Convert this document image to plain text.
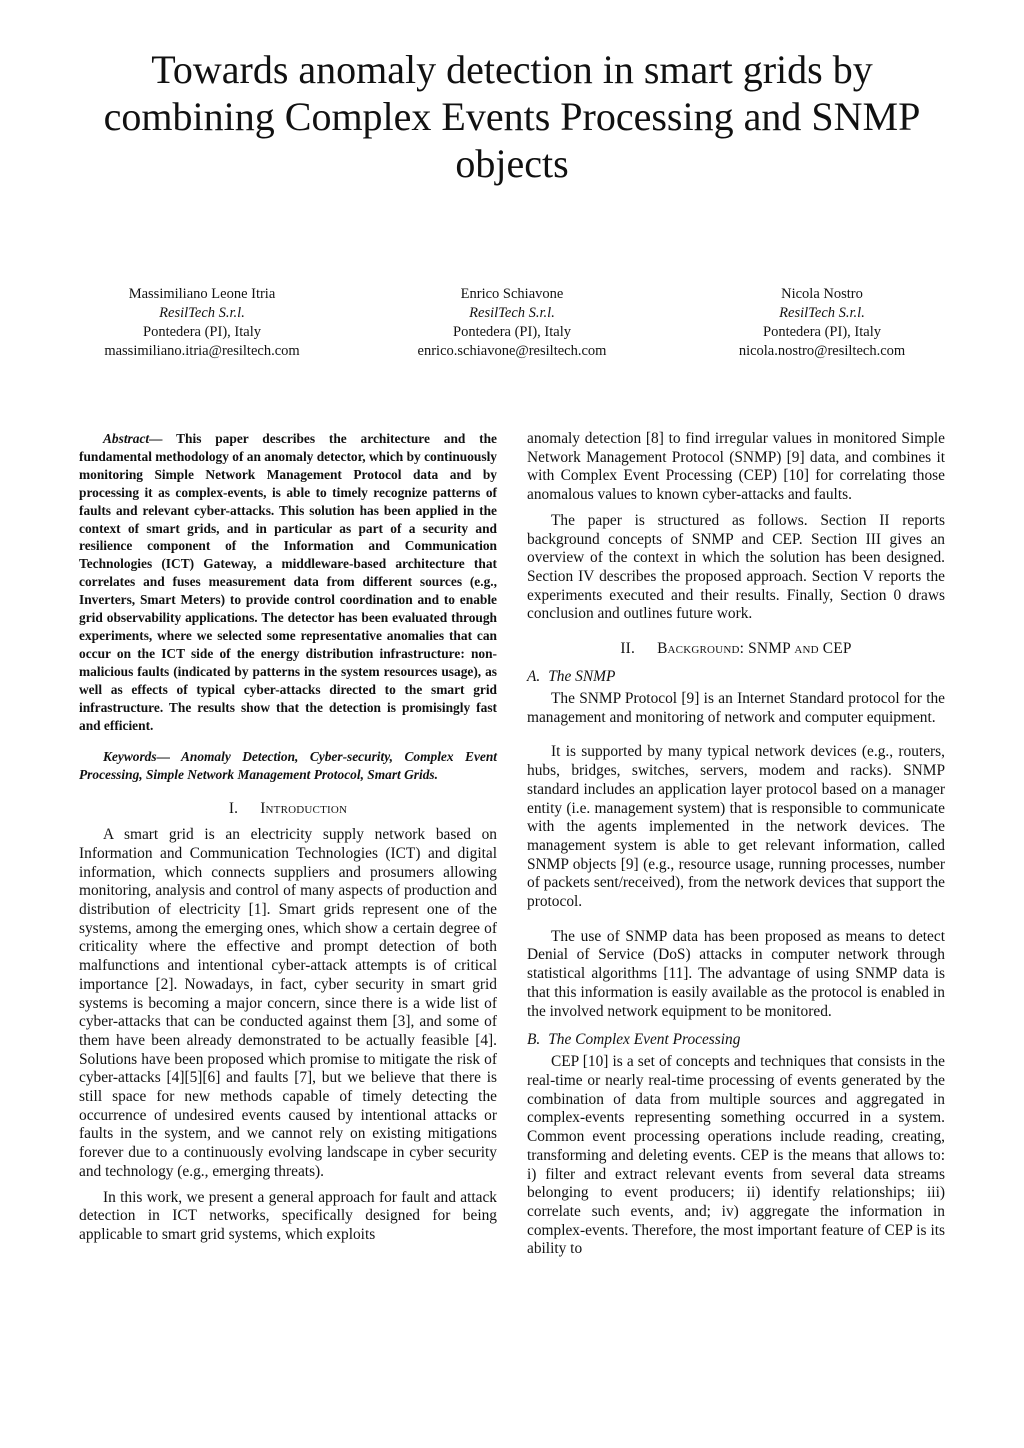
Towards anomaly detection in smart grids by combining Complex Events Processing and SNMP objects
Massimiliano Leone Itria
ResilTech S.r.l.
Pontedera (PI), Italy
massimiliano.itria@resiltech.com
Enrico Schiavone
ResilTech S.r.l.
Pontedera (PI), Italy
enrico.schiavone@resiltech.com
Nicola Nostro
ResilTech S.r.l.
Pontedera (PI), Italy
nicola.nostro@resiltech.com

Abstract— This paper describes the architecture and the fundamental methodology of an anomaly detector, which by continuously monitoring Simple Network Management Protocol data and by processing it as complex-events, is able to timely recognize patterns of faults and relevant cyber-attacks. This solution has been applied in the context of smart grids, and in particular as part of a security and resilience component of the Information and Communication Technologies (ICT) Gateway, a middleware-based architecture that correlates and fuses measurement data from different sources (e.g., Inverters, Smart Meters) to provide control coordination and to enable grid observability applications. The detector has been evaluated through experiments, where we selected some representative anomalies that can occur on the ICT side of the energy distribution infrastructure: non-malicious faults (indicated by patterns in the system resources usage), as well as effects of typical cyber-attacks directed to the smart grid infrastructure. The results show that the detection is promisingly fast and efficient.

Keywords— Anomaly Detection, Cyber-security, Complex Event Processing, Simple Network Management Protocol, Smart Grids.

I. Introduction

A smart grid is an electricity supply network based on Information and Communication Technologies (ICT) and digital information, which connects suppliers and prosumers allowing monitoring, analysis and control of many aspects of production and distribution of electricity [1]. Smart grids represent one of the systems, among the emerging ones, which show a certain degree of criticality where the effective and prompt detection of both malfunctions and intentional cyber-attack attempts is of critical importance [2]. Nowadays, in fact, cyber security in smart grid systems is becoming a major concern, since there is a wide list of cyber-attacks that can be conducted against them [3], and some of them have been already demonstrated to be actually feasible [4]. Solutions have been proposed which promise to mitigate the risk of cyber-attacks [4][5][6] and faults [7], but we believe that there is still space for new methods capable of timely detecting the occurrence of undesired events caused by intentional attacks or faults in the system, and we cannot rely on existing mitigations forever due to a continuously evolving landscape in cyber security and technology (e.g., emerging threats).

In this work, we present a general approach for fault and attack detection in ICT networks, specifically designed for being applicable to smart grid systems, which exploits

anomaly detection [8] to find irregular values in monitored Simple Network Management Protocol (SNMP) [9] data, and combines it with Complex Event Processing (CEP) [10] for correlating those anomalous values to known cyber-attacks and faults.

The paper is structured as follows. Section II reports background concepts of SNMP and CEP. Section III gives an overview of the context in which the solution has been designed. Section IV describes the proposed approach. Section V reports the experiments executed and their results. Finally, Section 0 draws conclusion and outlines future work.

II. Background: SNMP and CEP
A. The SNMP

The SNMP Protocol [9] is an Internet Standard protocol for the management and monitoring of network and computer equipment.

It is supported by many typical network devices (e.g., routers, hubs, bridges, switches, servers, modem and racks). SNMP standard includes an application layer protocol based on a manager entity (i.e. management system) that is responsible to communicate with the agents implemented in the network devices. The management system is able to get relevant information, called SNMP objects [9] (e.g., resource usage, running processes, number of packets sent/received), from the network devices that support the protocol.

The use of SNMP data has been proposed as means to detect Denial of Service (DoS) attacks in computer network through statistical algorithms [11]. The advantage of using SNMP data is that this information is easily available as the protocol is enabled in the involved network equipment to be monitored.

B. The Complex Event Processing

CEP [10] is a set of concepts and techniques that consists in the real-time or nearly real-time processing of events generated by the combination of data from multiple sources and aggregated in complex-events representing something occurred in a system. Common event processing operations include reading, creating, transforming and deleting events. CEP is the means that allows to: i) filter and extract relevant events from several data streams belonging to event producers; ii) identify relationships; iii) correlate such events, and; iv) aggregate the information in complex-events. Therefore, the most important feature of CEP is its ability to
